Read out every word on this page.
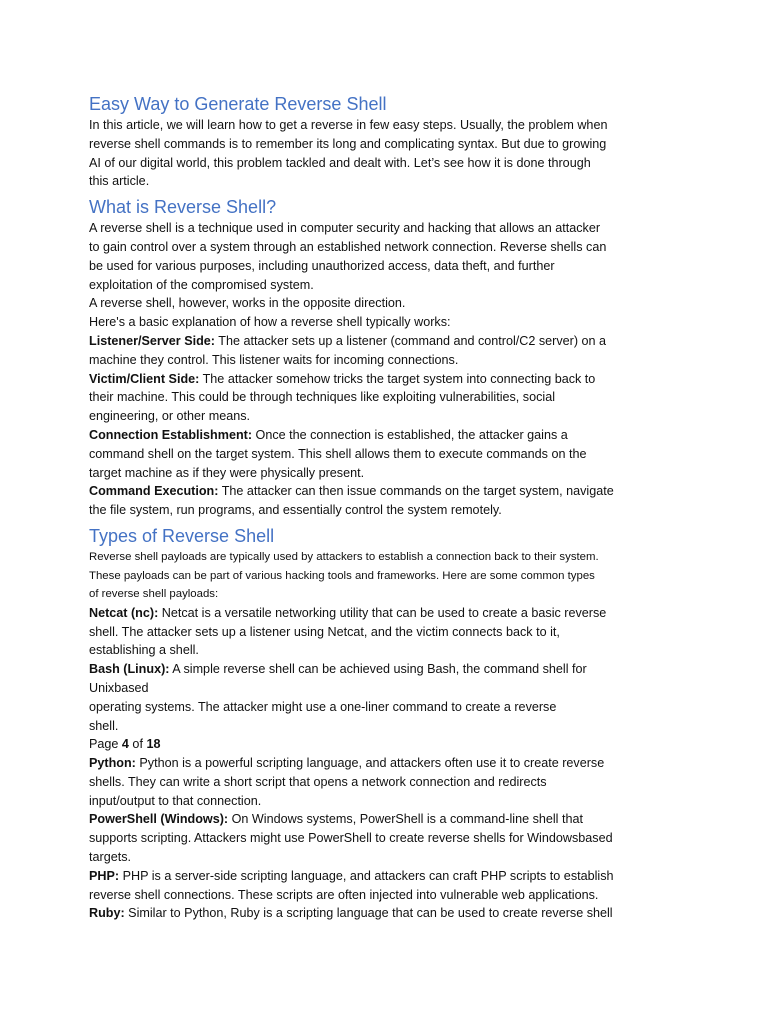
Easy Way to Generate Reverse Shell
In this article, we will learn how to get a reverse in few easy steps. Usually, the problem when
reverse shell commands is to remember its long and complicating syntax. But due to growing
AI of our digital world, this problem tackled and dealt with. Let’s see how it is done through
this article.
What is Reverse Shell?
A reverse shell is a technique used in computer security and hacking that allows an attacker
to gain control over a system through an established network connection. Reverse shells can
be used for various purposes, including unauthorized access, data theft, and further
exploitation of the compromised system.
A reverse shell, however, works in the opposite direction.
Here's a basic explanation of how a reverse shell typically works:
Listener/Server Side: The attacker sets up a listener (command and control/C2 server) on a
machine they control. This listener waits for incoming connections.
Victim/Client Side: The attacker somehow tricks the target system into connecting back to
their machine. This could be through techniques like exploiting vulnerabilities, social
engineering, or other means.
Connection Establishment: Once the connection is established, the attacker gains a
command shell on the target system. This shell allows them to execute commands on the
target machine as if they were physically present.
Command Execution: The attacker can then issue commands on the target system, navigate
the file system, run programs, and essentially control the system remotely.
Types of Reverse Shell
Reverse shell payloads are typically used by attackers to establish a connection back to their system.
These payloads can be part of various hacking tools and frameworks. Here are some common types
of reverse shell payloads:
Netcat (nc): Netcat is a versatile networking utility that can be used to create a basic reverse
shell. The attacker sets up a listener using Netcat, and the victim connects back to it,
establishing a shell.
Bash (Linux): A simple reverse shell can be achieved using Bash, the command shell for
Unixbased
operating systems. The attacker might use a one-liner command to create a reverse
shell.
Page 4 of 18
Python: Python is a powerful scripting language, and attackers often use it to create reverse
shells. They can write a short script that opens a network connection and redirects
input/output to that connection.
PowerShell (Windows): On Windows systems, PowerShell is a command-line shell that
supports scripting. Attackers might use PowerShell to create reverse shells for Windowsbased
targets.
PHP: PHP is a server-side scripting language, and attackers can craft PHP scripts to establish
reverse shell connections. These scripts are often injected into vulnerable web applications.
Ruby: Similar to Python, Ruby is a scripting language that can be used to create reverse shell
